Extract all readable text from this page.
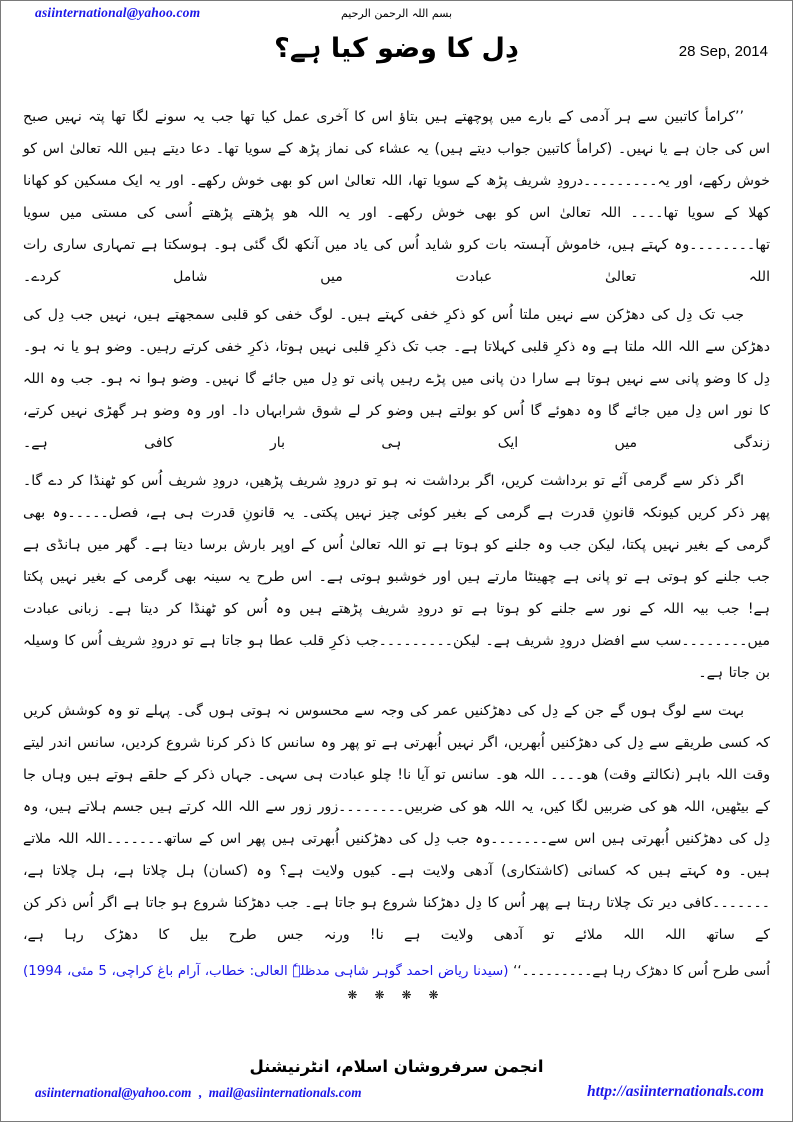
asiinternational@yahoo.com	بسم اللہ الرحمن الرحیم
دِل کا وضو کیا ہے؟	28 Sep, 2014

’’کرامأ کاتبین سے ہر آدمی کے بارے میں پوچھتے ہیں بتاؤ اس کا آخری عمل کیا تھا جب یہ سونے لگا تھا پتہ نہیں صبح اس کی جان ہے یا نہیں۔ (کرامأ کاتبین جواب دیتے ہیں) یہ عشاء کی نماز پڑھ کے سویا تھا۔ دعا دیتے ہیں اللہ تعالیٰ اس کو خوش رکھے، اور یہ۔۔۔۔۔۔۔۔۔درودِ شریف پڑھ کے سویا تھا، اللہ تعالیٰ اس کو بھی خوش رکھے۔ اور یہ ایک مسکین کو کھانا کھلا کے سویا تھا۔۔۔۔ اللہ تعالیٰ اس کو بھی خوش رکھے۔ اور یہ اللہ ھو پڑھتے پڑھتے اُسی کی مستی میں سویا تھا۔۔۔۔۔۔۔۔وہ کہتے ہیں، خاموش آہستہ بات کرو شاید اُس کی یاد میں آنکھ لگ گئی ہو۔ ہوسکتا ہے تمہاری ساری رات اللہ تعالیٰ عبادت میں شامل کردے۔

جب تک دِل کی دھڑکن سے نہیں ملتا اُس کو ذکرِ خفی کہتے ہیں۔ لوگ خفی کو قلبی سمجھتے ہیں، نہیں جب دِل کی دھڑکن سے اللہ اللہ ملتا ہے وہ ذکرِ قلبی کہلاتا ہے۔ جب تک ذکرِ قلبی نہیں ہوتا، ذکرِ خفی کرتے رہیں۔ وضو ہو یا نہ ہو۔ دِل کا وضو پانی سے نہیں ہوتا ہے سارا دن پانی میں پڑے رہیں پانی تو دِل میں جائے گا نہیں۔ وضو ہوا نہ ہو۔ جب وہ اللہ کا نور اس دِل میں جائے گا وہ دھوئے گا اُس کو بولتے ہیں وضو کر لے شوق شرابہاں دا۔ اور وہ وضو ہر گھڑی نہیں کرتے، زندگی میں ایک ہی بار کافی ہے۔

اگر ذکر سے گرمی آئے تو برداشت کریں، اگر برداشت نہ ہو تو درودِ شریف پڑھیں، درودِ شریف اُس کو ٹھنڈا کر دے گا۔ پھر ذکر کریں کیونکہ قانونِ قدرت ہے گرمی کے بغیر کوئی چیز نہیں پکتی۔ یہ قانونِ قدرت ہی ہے، فصل۔۔۔۔۔وہ بھی گرمی کے بغیر نہیں پکتا، لیکن جب وہ جلنے کو ہوتا ہے تو اللہ تعالیٰ اُس کے اوپر بارش برسا دیتا ہے۔ گھر میں ہانڈی ہے جب جلنے کو ہوتی ہے تو پانی ہے چھینٹا مارتے ہیں اور خوشبو ہوتی ہے۔ اس طرح یہ سینہ بھی گرمی کے بغیر نہیں پکتا ہے! جب بیہ اللہ کے نور سے جلنے کو ہوتا ہے تو درودِ شریف پڑھتے ہیں وہ اُس کو ٹھنڈا کر دیتا ہے۔ زبانی عبادت میں۔۔۔۔۔۔۔۔سب سے افضل درودِ شریف ہے۔ لیکن۔۔۔۔۔۔۔۔۔جب ذکرِ قلب عطا ہو جاتا ہے تو درودِ شریف اُس کا وسیلہ بن جاتا ہے۔

بہت سے لوگ ہوں گے جن کے دِل کی دھڑکنیں عمر کی وجہ سے محسوس نہ ہوتی ہوں گی۔ پہلے تو وہ کوشش کریں کہ کسی طریقے سے دِل کی دھڑکنیں اُبھریں، اگر نہیں اُبھرتی ہے تو پھر وہ سانس کا ذکر کرنا شروع کردیں، سانس اندر لیتے وقت اللہ باہر (نکالتے وقت) ھو۔۔۔۔ اللہ ھو۔ سانس تو آیا نا! چلو عبادت ہی سہی۔ جہاں ذکر کے حلقے ہوتے ہیں وہاں جا کے بیٹھیں، اللہ ھو کی ضربیں لگا کیں، یہ اللہ ھو کی ضربیں۔۔۔۔۔۔۔۔زور زور سے اللہ اللہ کرتے ہیں جسم ہلاتے ہیں، وہ دِل کی دھڑکنیں اُبھرتی ہیں اس سے۔۔۔۔۔۔۔وہ جب دِل کی دھڑکنیں اُبھرتی ہیں پھر اس کے ساتھ۔۔۔۔۔۔۔اللہ اللہ ملاتے ہیں۔ وہ کہتے ہیں کہ کسانی (کاشتکاری) آدھی ولایت ہے۔ کیوں ولایت ہے؟ وہ (کسان) ہل چلاتا ہے، ہل چلاتا ہے، ۔۔۔۔۔۔۔کافی دیر تک چلاتا رہتا ہے پھر اُس کا دِل دھڑکنا شروع ہو جاتا ہے۔ جب دھڑکنا شروع ہو جاتا ہے اگر اُس ذکر کن کے ساتھ اللہ اللہ ملائے تو آدھی ولایت ہے نا! ورنہ جس طرح بیل کا دھڑک رہا ہے،

اُسی طرح اُس کا دھڑک رہا ہے۔۔۔۔۔۔۔۔۔‘‘ (سیدنا ریاض احمد گوہر شاہی مدظلہٗ العالی: خطاب، آرام باغ کراچی، 5 مئی، 1994)

❋ ❋ ❋ ❋
انجمن سرفروشان اسلام، انٹرنیشنل
asiinternational@yahoo.com , mail@asiinternationals.com	http://asiinternationals.com
